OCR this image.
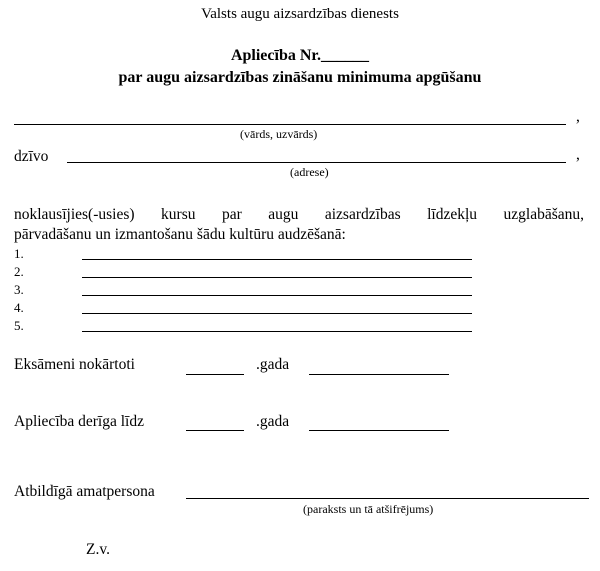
Valsts augu aizsardzības dienests
Apliecība Nr.______
par augu aizsardzības zināšanu minimuma apgūšanu
,
(vārds, uzvārds)
dzīvo	,
(adrese)
noklausījies(-usies) kursu par augu aizsardzības līdzekļu uzglabāšanu,
pārvadāšanu un izmantošanu šādu kultūru audzēšanā:
1.
2.
3.
4.
5.
Eksāmeni nokārtoti	.gada
Apliecība derīga līdz	.gada
Atbildīgā amatpersona
(paraksts un tā atšifrējums)
Z.v.
